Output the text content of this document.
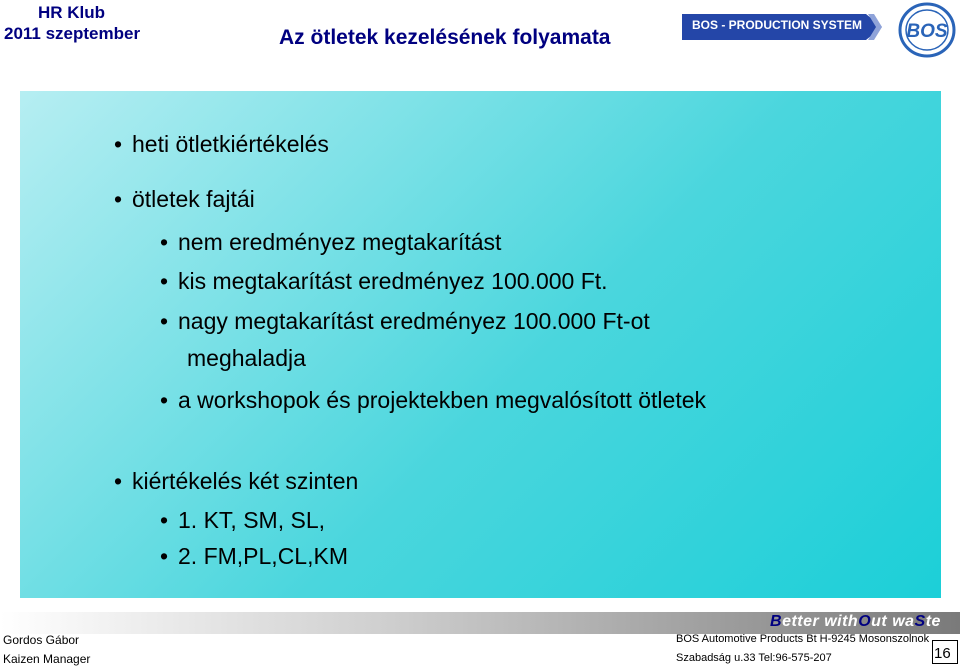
HR Klub
2011 szeptember	Az ötletek kezelésének folyamata
BOS - PRODUCTION SYSTEM BOS
• heti ötletkiértékelés
• ötletek fajtái
• nem eredményez megtakarítást
• kis megtakarítást eredményez 100.000 Ft.
• nagy megtakarítást eredményez 100.000 Ft-ot
meghaladja
• a workshopok és projektekben megvalósított ötletek
• kiértékelés két szinten
• 1. KT, SM, SL,
• 2. FM,PL,CL,KM
Better withOut waSte
Gordos Gábor
Kaizen Manager
BOS Automotive Products Bt H-9245 Mosonszolnok
Szabadság u.33 Tel:96-575-207	16
